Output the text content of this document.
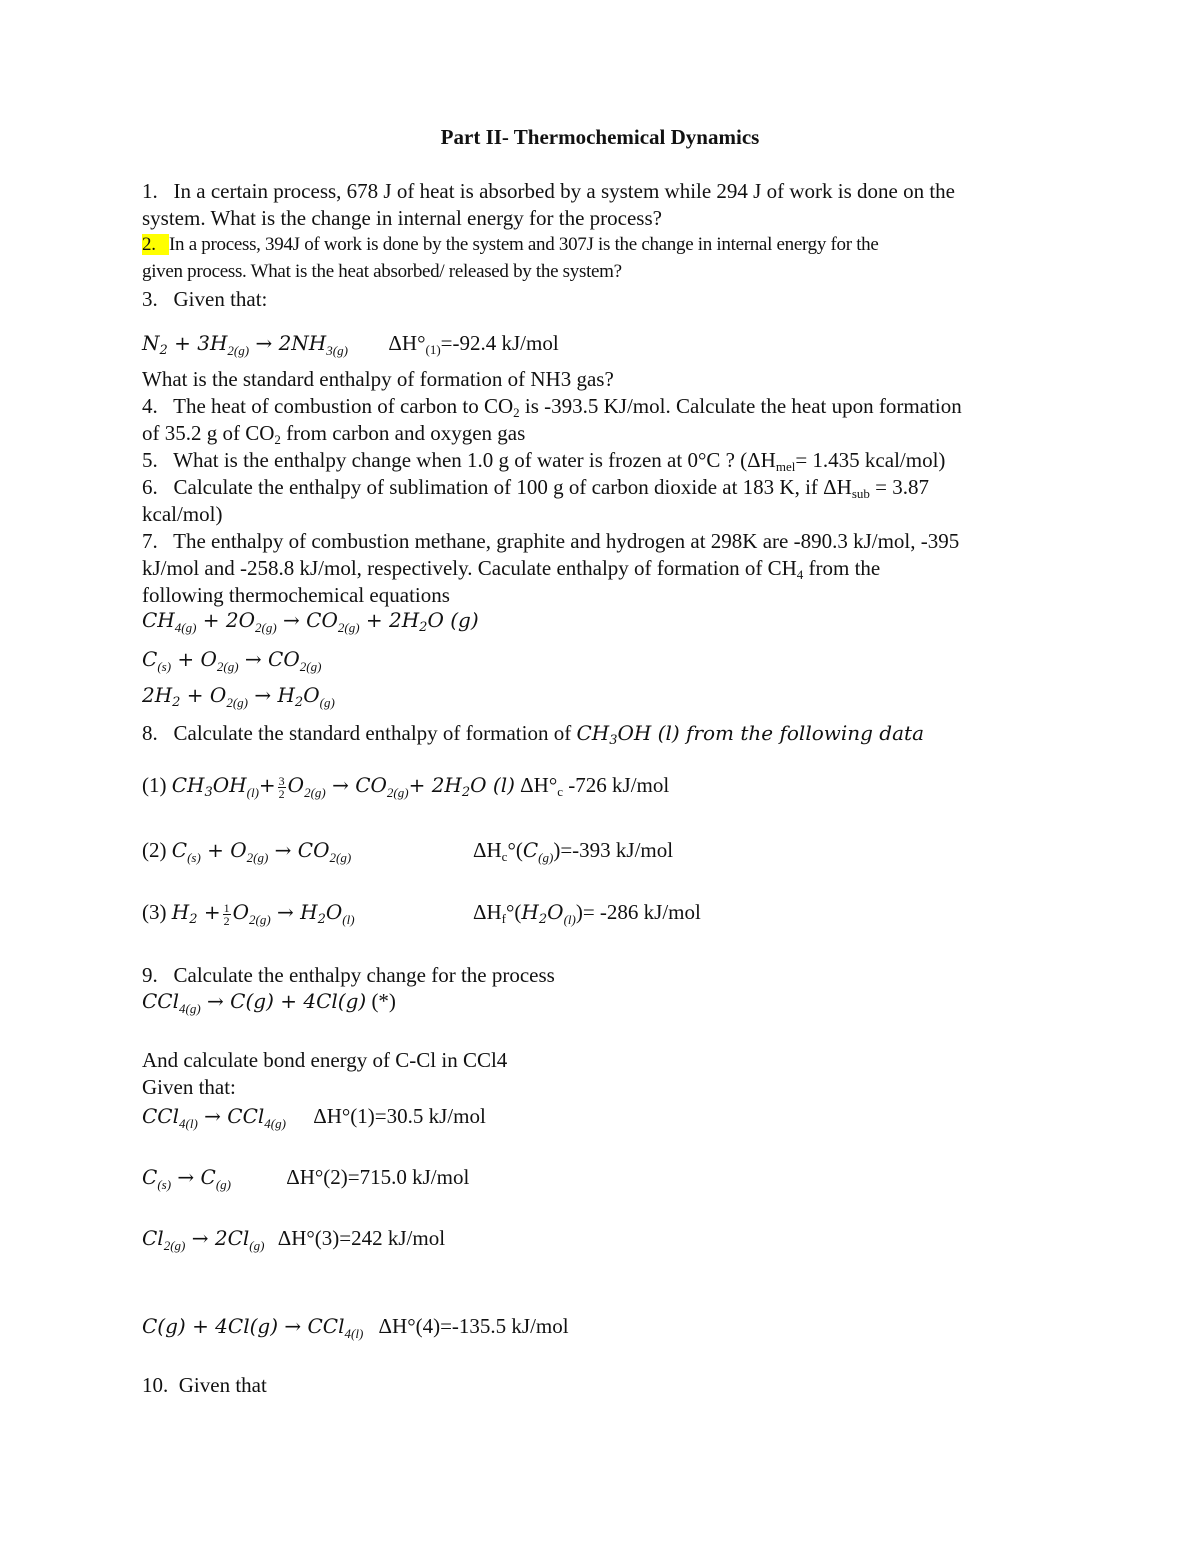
Part II- Thermochemical Dynamics
1. In a certain process, 678 J of heat is absorbed by a system while 294 J of work is done on the
system. What is the change in internal energy for the process?
2. In a process, 394J of work is done by the system and 307J is the change in internal energy for the
given process. What is the heat absorbed/ released by the system?
3. Given that:
$N2 + 3H_{2(g)} \to 2NH_{3(g)}$ ΔH°(1)=-92.4 kJ/mol
What is the standard enthalpy of formation of NH3 gas?
4. The heat of combustion of carbon to CO2 is -393.5 KJ/mol. Calculate the heat upon formation
of 35.2 g of CO2 from carbon and oxygen gas
5. What is the enthalpy change when 1.0 g of water is frozen at 0°C ? (ΔHmel= 1.435 kcal/mol)
6. Calculate the enthalpy of sublimation of 100 g of carbon dioxide at 183 K, if ΔHsub = 3.87
kcal/mol)
7. The enthalpy of combustion methane, graphite and hydrogen at 298K are -890.3 kJ/mol, -395
kJ/mol and -258.8 kJ/mol, respectively. Caculate enthalpy of formation of CH4 from the
following thermochemical equations
$CH_{4(g)} + 2O_{2(g)} \to CO_{2(g)} + 2H2O$ (g)
$C_{(s)} + O_{2(g)} \to CO_{2(g)}$
$2H2 + O_{2(g)} \to H2O_{(g)}$
8. Calculate the standard enthalpy of formation of CH3OH (l) from the following data
(1) $CH3OH_{(l)}+ \frac{3}{2} O_{2(g)} \to CO_{2(g)}+ 2H2O$ (l) ΔH°c -726 kJ/mol
(2) $C_{(s)} + O_{2(g)} \to CO_{2(g)}$	$\Delta Hc^\circ(C_{(g)})=-393$ kJ/mol
(3) $H2 + \frac{1}{2} O_{2(g)} \to H2O_{(l)}$	$\Delta Hf^\circ(H2O_{(l)})= -286$ kJ/mol
9. Calculate the enthalpy change for the process
CCl$_{4(g)}$ → C(g) + 4Cl(g) (*)
And calculate bond energy of C-Cl in CCl4
Given that:
CCl$_{4(l)}$ → CCl$_{4(g)}$ ΔH°(1)=30.5 kJ/mol
$C_{(s)} \to C_{(g)}$	ΔH°(2)=715.0 kJ/mol
$Cl_{2(g)} \to 2Cl_{(g)}$ ΔH°(3)=242 kJ/mol
C(g) + 4Cl(g) → CCl$_{4(l)}$ ΔH°(4)=-135.5 kJ/mol
10. Given that
